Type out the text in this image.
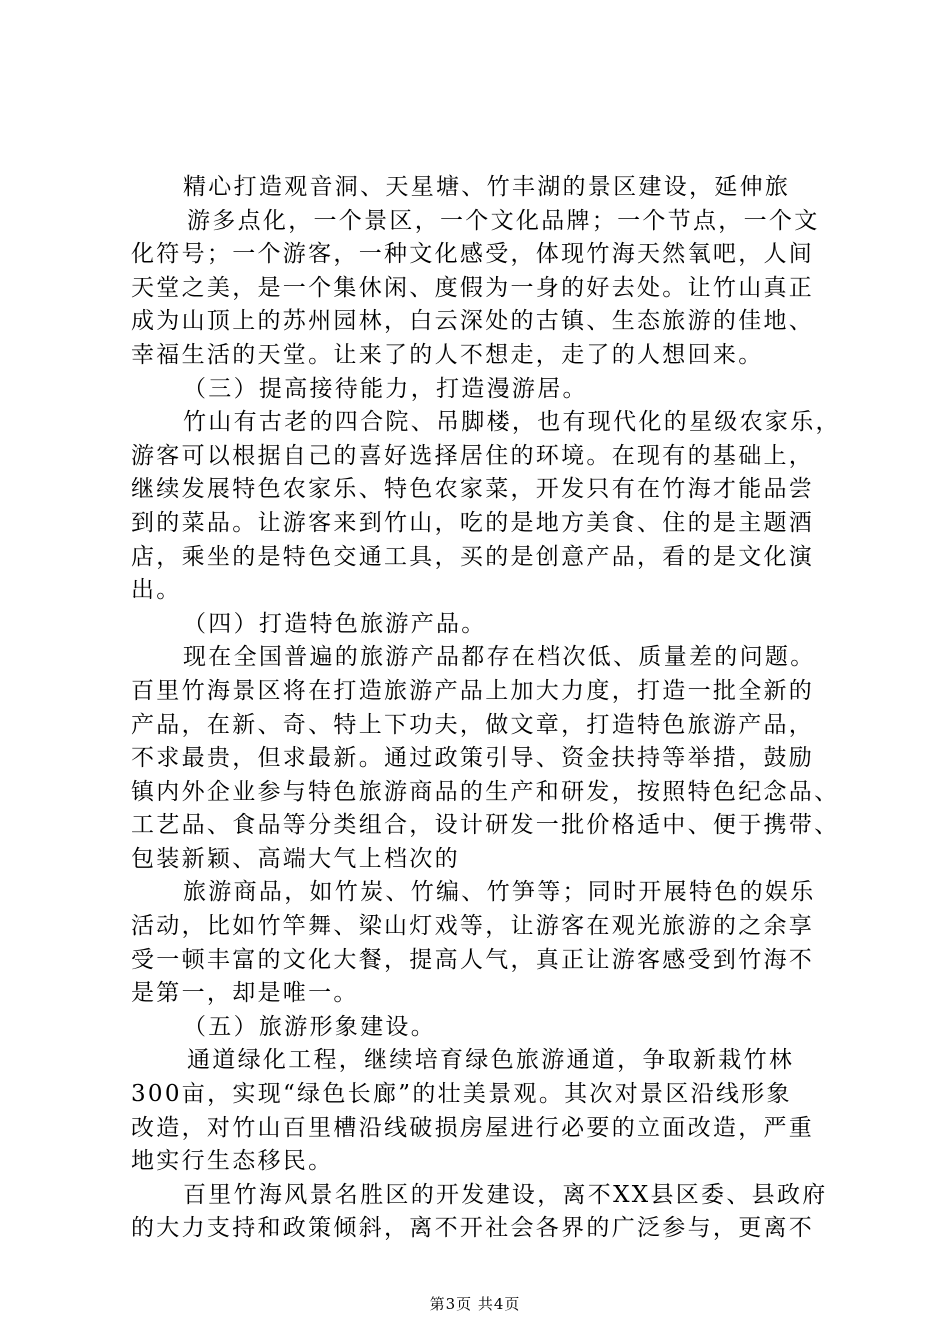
精心打造观音洞、天星塘、竹丰湖的景区建设，延伸旅
游多点化，一个景区，一个文化品牌；一个节点，一个文
化符号；一个游客，一种文化感受，体现竹海天然氧吧，人间
天堂之美，是一个集休闲、度假为一身的好去处。让竹山真正
成为山顶上的苏州园林，白云深处的古镇、生态旅游的佳地、
幸福生活的天堂。让来了的人不想走，走了的人想回来。
（三）提高接待能力，打造漫游居。
竹山有古老的四合院、吊脚楼，也有现代化的星级农家乐，
游客可以根据自己的喜好选择居住的环境。在现有的基础上，
继续发展特色农家乐、特色农家菜，开发只有在竹海才能品尝
到的菜品。让游客来到竹山，吃的是地方美食、住的是主题酒
店，乘坐的是特色交通工具，买的是创意产品，看的是文化演
出。
（四）打造特色旅游产品。
现在全国普遍的旅游产品都存在档次低、质量差的问题。
百里竹海景区将在打造旅游产品上加大力度，打造一批全新的
产品，在新、奇、特上下功夫，做文章，打造特色旅游产品，
不求最贵，但求最新。通过政策引导、资金扶持等举措，鼓励
镇内外企业参与特色旅游商品的生产和研发，按照特色纪念品、
工艺品、食品等分类组合，设计研发一批价格适中、便于携带、
包装新颖、高端大气上档次的
旅游商品，如竹炭、竹编、竹笋等；同时开展特色的娱乐
活动，比如竹竿舞、梁山灯戏等，让游客在观光旅游的之余享
受一顿丰富的文化大餐，提高人气，真正让游客感受到竹海不
是第一，却是唯一。
（五）旅游形象建设。
通道绿化工程，继续培育绿色旅游通道，争取新栽竹林
300亩，实现“绿色长廊”的壮美景观。其次对景区沿线形象
改造，对竹山百里槽沿线破损房屋进行必要的立面改造，严重
地实行生态移民。
百里竹海风景名胜区的开发建设，离不XX县区委、县政府
的大力支持和政策倾斜，离不开社会各界的广泛参与，更离不
第3页 共4页
